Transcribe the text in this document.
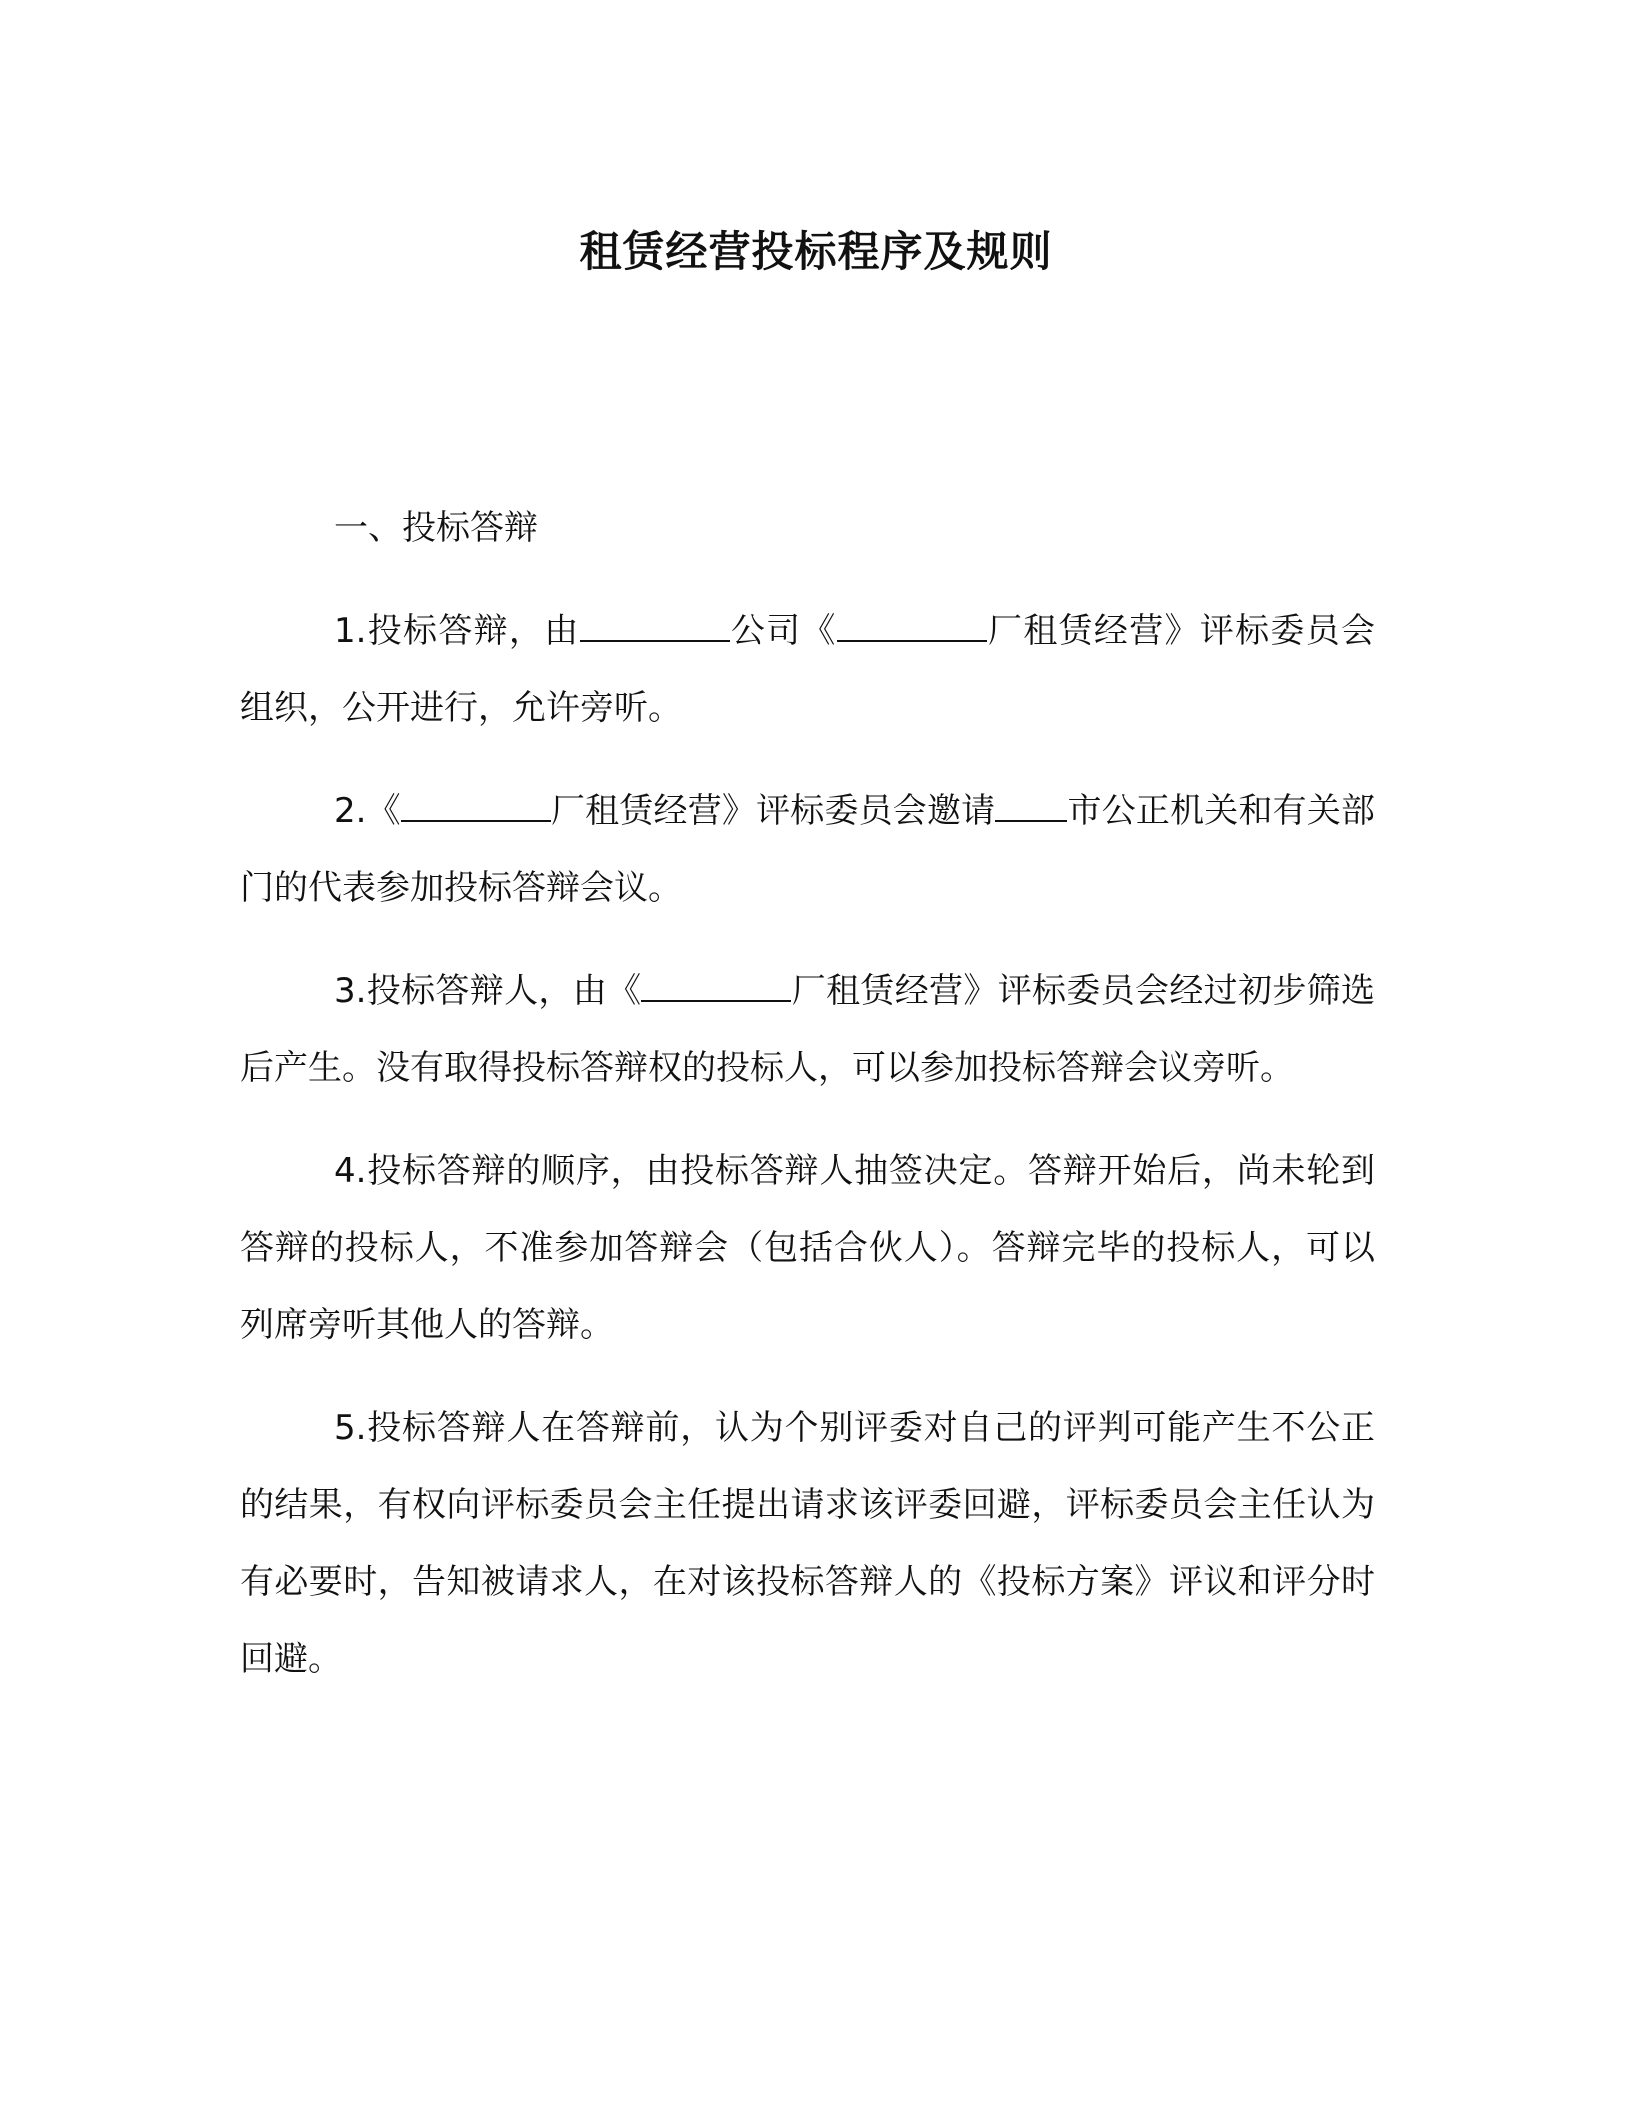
租赁经营投标程序及规则
一、投标答辩

1.投标答辩，由	公司《	厂租赁经营》评标委员会组织，公开进行，允许旁听。

2.《	厂租赁经营》评标委员会邀请 市公正机关和有关部门的代表参加投标答辩会议。

3.投标答辩人，由《	厂租赁经营》评标委员会经过初步筛选后产生。没有取得投标答辩权的投标人，可以参加投标答辩会议旁听。

4.投标答辩的顺序，由投标答辩人抽签决定。答辩开始后，尚未轮到答辩的投标人，不准参加答辩会（包括合伙人）。答辩完毕的投标人，可以列席旁听其他人的答辩。

5.投标答辩人在答辩前，认为个别评委对自己的评判可能产生不公正的结果，有权向评标委员会主任提出请求该评委回避，评标委员会主任认为有必要时，告知被请求人，在对该投标答辩人的《投标方案》评议和评分时回避。
